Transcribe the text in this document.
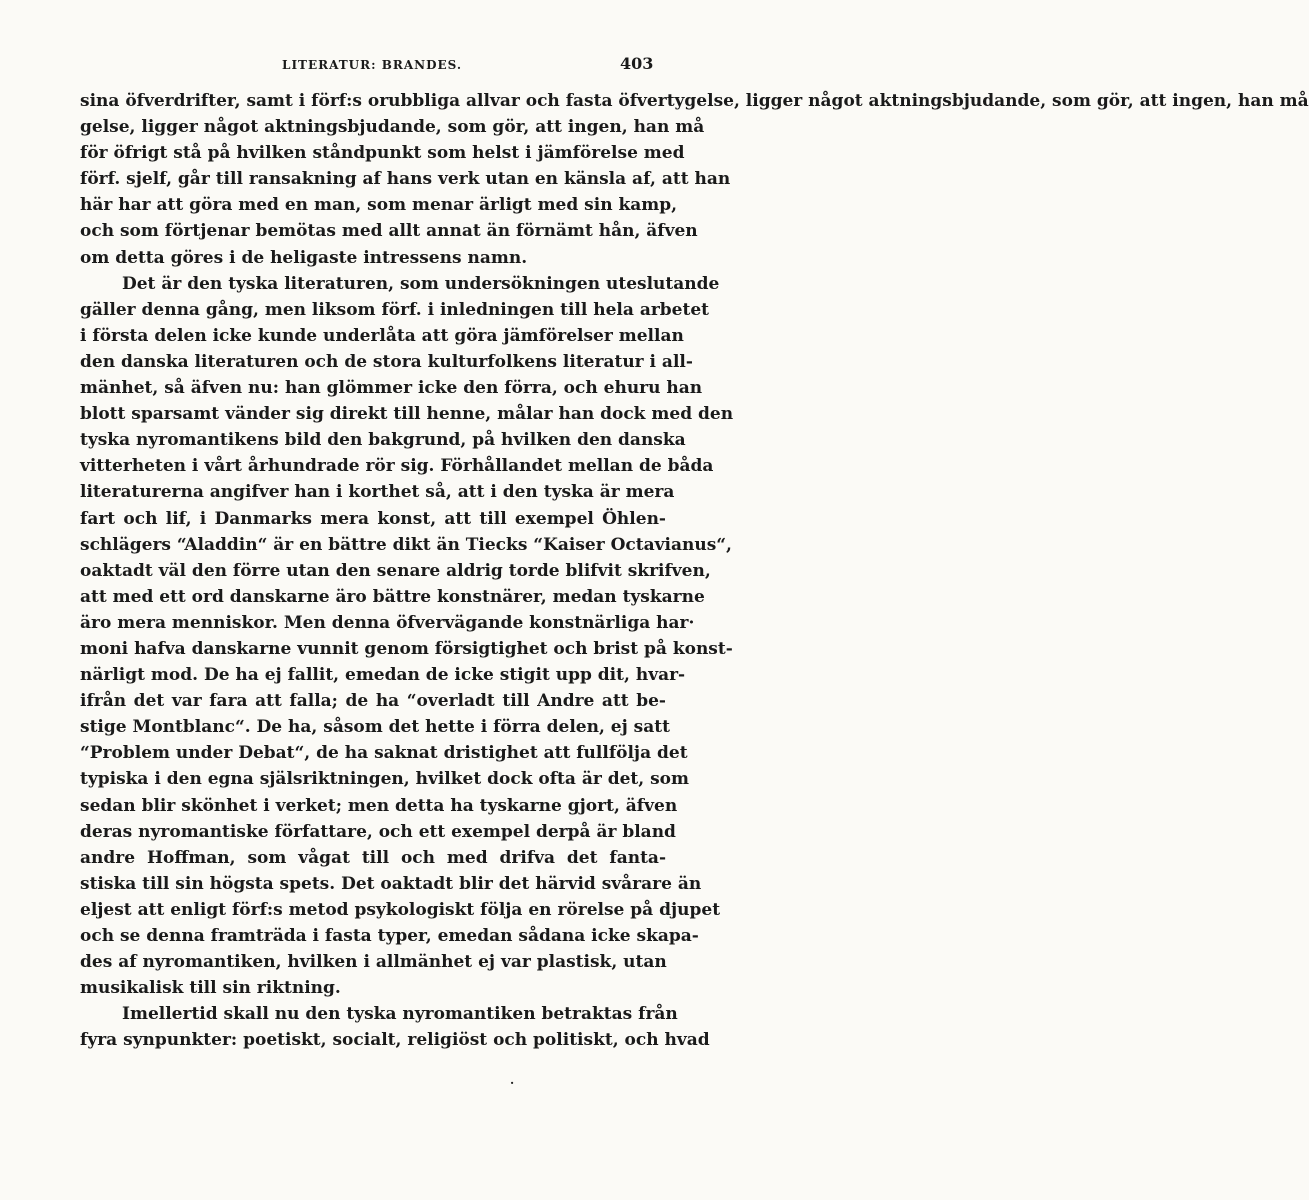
LITERATUR: BRANDES.	403
sina öfverdrifter, samt i förf:s orubbliga allvar och fasta öfvertygelse, ligger något aktningsbjudande, som gör, att ingen, han må
gelse, ligger något aktningsbjudande, som gör, att ingen, han må
för öfrigt stå på hvilken ståndpunkt som helst i jämförelse med
förf. sjelf, går till ransakning af hans verk utan en känsla af, att han
här har att göra med en man, som menar ärligt med sin kamp,
och som förtjenar bemötas med allt annat än förnämt hån, äfven
om detta göres i de heligaste intressens namn.
Det är den tyska literaturen, som undersökningen uteslutande
gäller denna gång, men liksom förf. i inledningen till hela arbetet
i första delen icke kunde underlåta att göra jämförelser mellan
den danska literaturen och de stora kulturfolkens literatur i all-
mänhet, så äfven nu: han glömmer icke den förra, och ehuru han
blott sparsamt vänder sig direkt till henne, målar han dock med den
tyska nyromantikens bild den bakgrund, på hvilken den danska
vitterheten i vårt århundrade rör sig. Förhållandet mellan de båda
literaturerna angifver han i korthet så, att i den tyska är mera
fart och lif, i Danmarks mera konst, att till exempel Öhlen-
schlägers “Aladdin“ är en bättre dikt än Tiecks “Kaiser Octavianus“,
oaktadt väl den förre utan den senare aldrig torde blifvit skrifven,
att med ett ord danskarne äro bättre konstnärer, medan tyskarne
äro mera menniskor. Men denna öfvervägande konstnärliga har·
moni hafva danskarne vunnit genom försigtighet och brist på konst-
närligt mod. De ha ej fallit, emedan de icke stigit upp dit, hvar-
ifrån det var fara att falla; de ha “overladt till Andre att be-
stige Montblanc“. De ha, såsom det hette i förra delen, ej satt
“Problem under Debat“, de ha saknat dristighet att fullfölja det
typiska i den egna själsriktningen, hvilket dock ofta är det, som
sedan blir skönhet i verket; men detta ha tyskarne gjort, äfven
deras nyromantiske författare, och ett exempel derpå är bland
andre Hoffman, som vågat till och med drifva det fanta-
stiska till sin högsta spets. Det oaktadt blir det härvid svårare än
eljest att enligt förf:s metod psykologiskt följa en rörelse på djupet
och se denna framträda i fasta typer, emedan sådana icke skapa-
des af nyromantiken, hvilken i allmänhet ej var plastisk, utan
musikalisk till sin riktning.
Imellertid skall nu den tyska nyromantiken betraktas från
fyra synpunkter: poetiskt, socialt, religiöst och politiskt, och hvad
·
